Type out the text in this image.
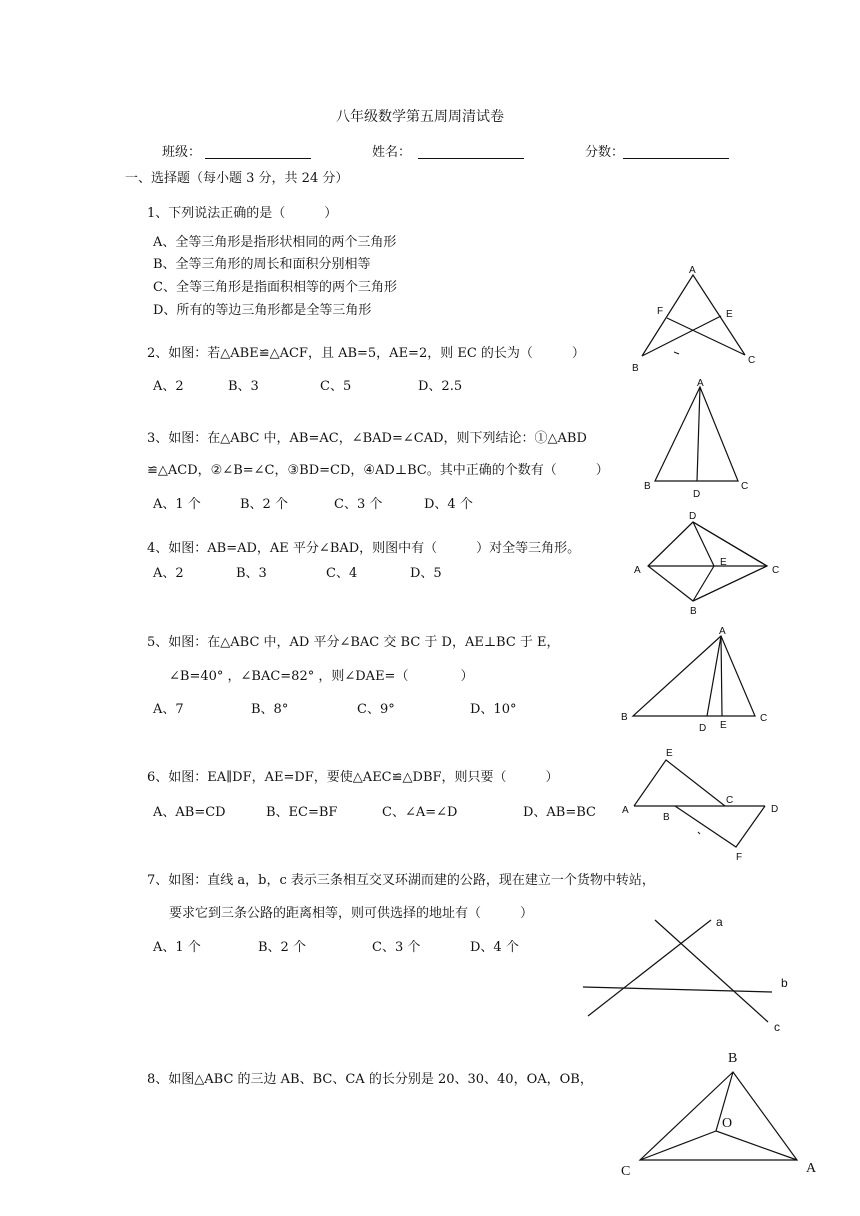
八年级数学第五周周清试卷
班级：	姓名：	分数：
一、选择题（每小题 3 分，共 24 分）
1、下列说法正确的是（　　　）
A、全等三角形是指形状相同的两个三角形
B、全等三角形的周长和面积分别相等
C、全等三角形是指面积相等的两个三角形
D、所有的等边三角形都是全等三角形
2、如图：若△ABE≌△ACF，且 AB=5，AE=2，则 EC 的长为（　　　）
A、2	B、3	C、5	D、2.5
A
F	E
B
C
3、如图：在△ABC 中，AB=AC，∠BAD=∠CAD，则下列结论：①△ABD
≌△ACD，②∠B=∠C，③BD=CD，④AD⊥BC。其中正确的个数有（　　　）
A、1 个	B、2 个	C、3 个	D、4 个
A
B
D
C
4、如图：AB=AD，AE 平分∠BAD，则图中有（　　　）对全等三角形。
A、2	B、3	C、4	D、5
D
A
E
C
B
5、如图：在△ABC 中，AD 平分∠BAC 交 BC 于 D，AE⊥BC 于 E，
∠B=40° ，∠BAC=82° ，则∠DAE=（　　　　）
A、7	B、8°	C、9°	D、10°
A
B
D E
C
6、如图：EA∥DF，AE=DF，要使△AEC≌△DBF，则只要（　　　）
A、AB=CD	B、EC=BF	C、∠A=∠D	D、AB=BC
E
C
D
A
B
F
7、如图：直线 a，b，c 表示三条相互交叉环湖而建的公路，现在建立一个货物中转站，
要求它到三条公路的距离相等，则可供选择的地址有（　　　）
A、1 个	B、2 个	C、3 个	D、4 个
a
b
c
8、如图△ABC 的三边 AB、BC、CA 的长分别是 20、30、40，OA，OB，
B
O
C	A
